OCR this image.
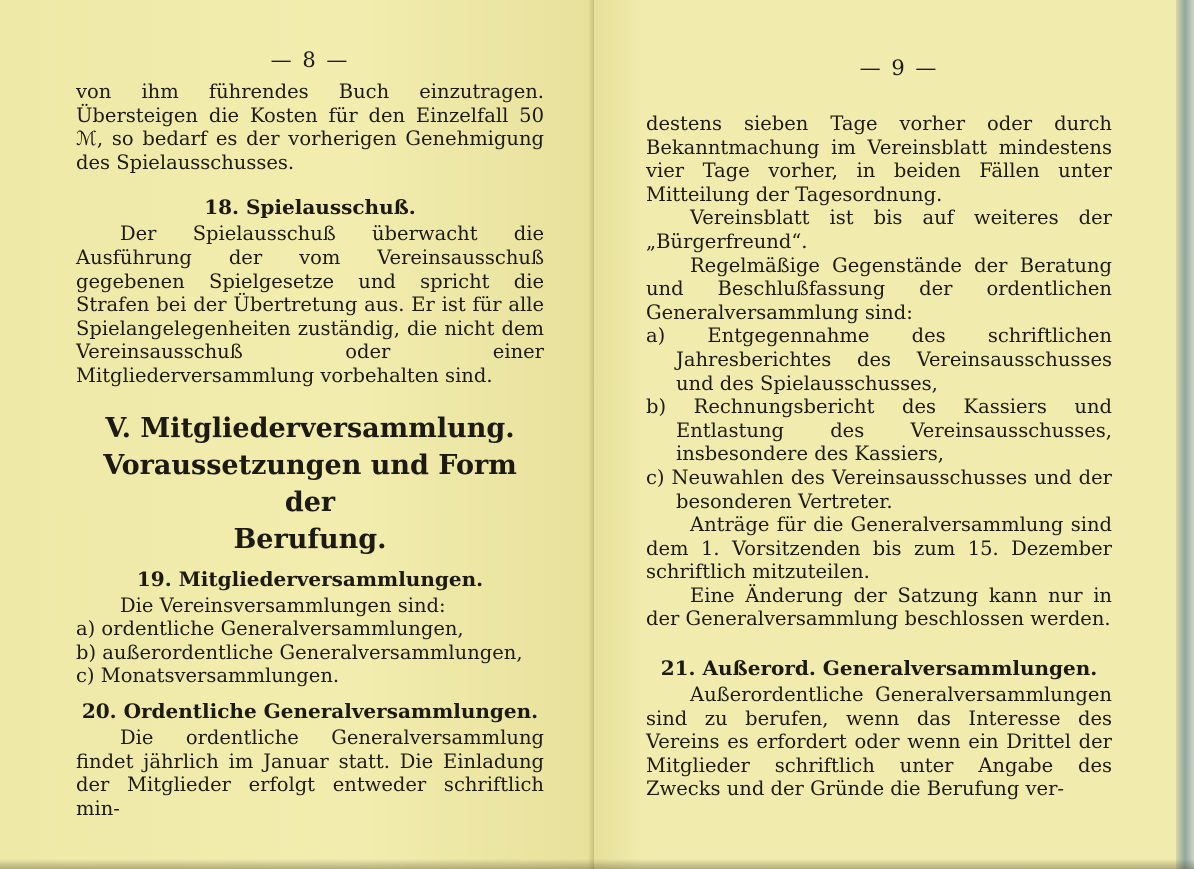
— 8 —

von ihm führendes Buch einzutragen. Übersteigen die Kosten für den Einzelfall 50 ℳ, so bedarf es der vorherigen Genehmigung des Spielausschusses.

18. Spielausschuß.

Der Spielausschuß überwacht die Ausführung der vom Vereinsausschuß gegebenen Spielgesetze und spricht die Strafen bei der Übertretung aus. Er ist für alle Spielangelegenheiten zuständig, die nicht dem Vereinsausschuß oder einer Mitgliederversammlung vorbehalten sind.

V. Mitgliederversammlung.
Voraussetzungen und Form der
Berufung.
19. Mitgliederversammlungen.

Die Vereinsversammlungen sind:

a) ordentliche Generalversammlungen,

b) außerordentliche Generalversammlungen,

c) Monatsversammlungen.

20. Ordentliche Generalversammlungen.

Die ordentliche Generalversammlung findet jährlich im Januar statt. Die Einladung der Mitglieder erfolgt entweder schriftlich min-

— 9 —

destens sieben Tage vorher oder durch Bekanntmachung im Vereinsblatt mindestens vier Tage vorher, in beiden Fällen unter Mitteilung der Tagesordnung.

Vereinsblatt ist bis auf weiteres der „Bürgerfreund“.

Regelmäßige Gegenstände der Beratung und Beschlußfassung der ordentlichen Generalversammlung sind:

a) Entgegennahme des schriftlichen Jahresberichtes des Vereinsausschusses und des Spielausschusses,

b) Rechnungsbericht des Kassiers und Entlastung des Vereinsausschusses, insbesondere des Kassiers,

c) Neuwahlen des Vereinsausschusses und der besonderen Vertreter.

Anträge für die Generalversammlung sind dem 1. Vorsitzenden bis zum 15. Dezember schriftlich mitzuteilen.

Eine Änderung der Satzung kann nur in der Generalversammlung beschlossen werden.

21. Außerord. Generalversammlungen.

Außerordentliche Generalversammlungen sind zu berufen, wenn das Interesse des Vereins es erfordert oder wenn ein Drittel der Mitglieder schriftlich unter Angabe des Zwecks und der Gründe die Berufung ver-
